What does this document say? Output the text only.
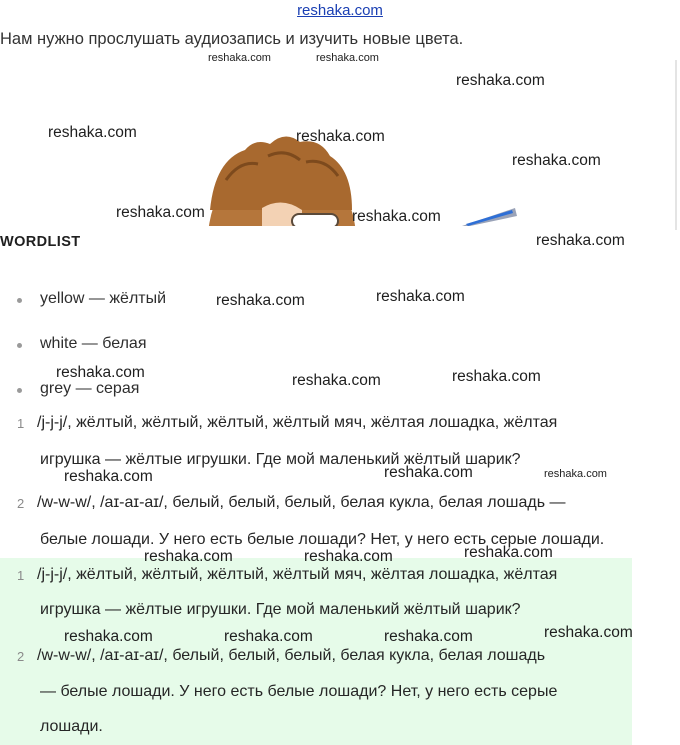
reshaka.com
Нам нужно прослушать аудиозапись и изучить новые цвета.
WORDLIST
yellow — жёлтый
white — белая
grey — серая
1 /j-j-j/, жёлтый, жёлтый, жёлтый, жёлтый мяч, жёлтая лошадка, жёлтая
игрушка — жёлтые игрушки. Где мой маленький жёлтый шарик?
2 /w-w-w/, /aɪ-aɪ-aɪ/, белый, белый, белый, белая кукла, белая лошадь —
белые лошади. У него есть белые лошади? Нет, у него есть серые лошади.
1 /j-j-j/, жёлтый, жёлтый, жёлтый, жёлтый мяч, жёлтая лошадка, жёлтая
игрушка — жёлтые игрушки. Где мой маленький жёлтый шарик?
2 /w-w-w/, /aɪ-aɪ-aɪ/, белый, белый, белый, белая кукла, белая лошадь
— белые лошади. У него есть белые лошади? Нет, у него есть серые
лошади.
reshaka.com	reshaka.com
reshaka.com
reshaka.com	reshaka.com
reshaka.com
reshaka.com	reshaka.com
reshaka.com
reshaka.com	reshaka.com
reshaka.com	reshaka.com
reshaka.com
reshaka.com	reshaka.com	reshaka.com
reshaka.com	reshaka.com	reshaka.com
reshaka.com	reshaka.com	reshaka.com	reshaka.com
